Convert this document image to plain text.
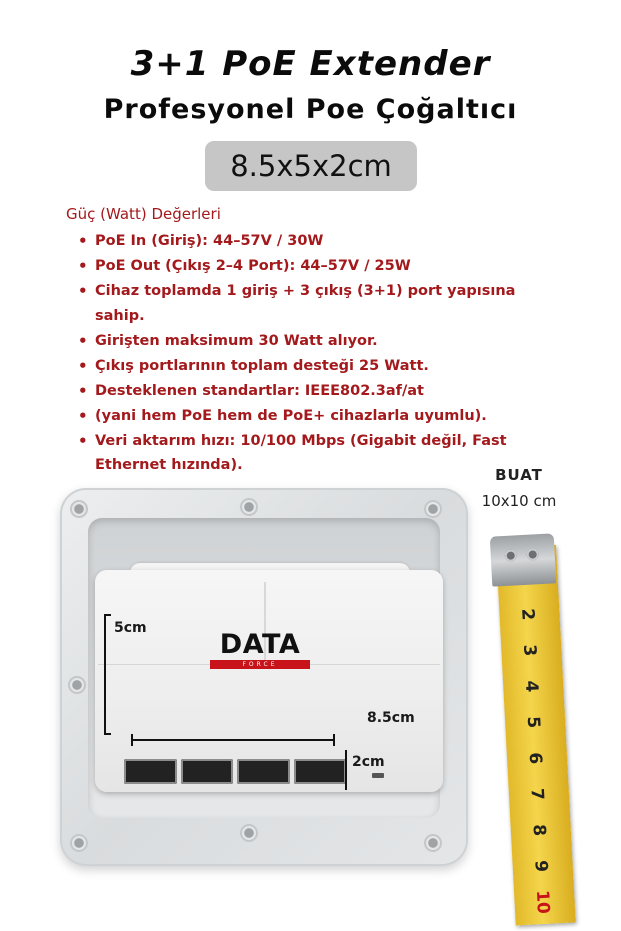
3+1 PoE Extender
Profesyonel Poe Çoğaltıcı
8.5x5x2cm
Güç (Watt) Değerleri
• PoE In (Giriş): 44–57V / 30W
• PoE Out (Çıkış 2–4 Port): 44–57V / 25W
• Cihaz toplamda 1 giriş + 3 çıkış (3+1) port yapısına sahip.
• Girişten maksimum 30 Watt alıyor.
• Çıkış portlarının toplam desteği 25 Watt.
• Desteklenen standartlar: IEEE802.3af/at
• (yani hem PoE hem de PoE+ cihazlarla uyumlu).
• Veri aktarım hızı: 10/100 Mbps (Gigabit değil, Fast Ethernet hızında).
BUAT
10x10 cm
DATA
FORCE
5cm
8.5cm
2cm
2
3
4
5
6
7
8
9
10
